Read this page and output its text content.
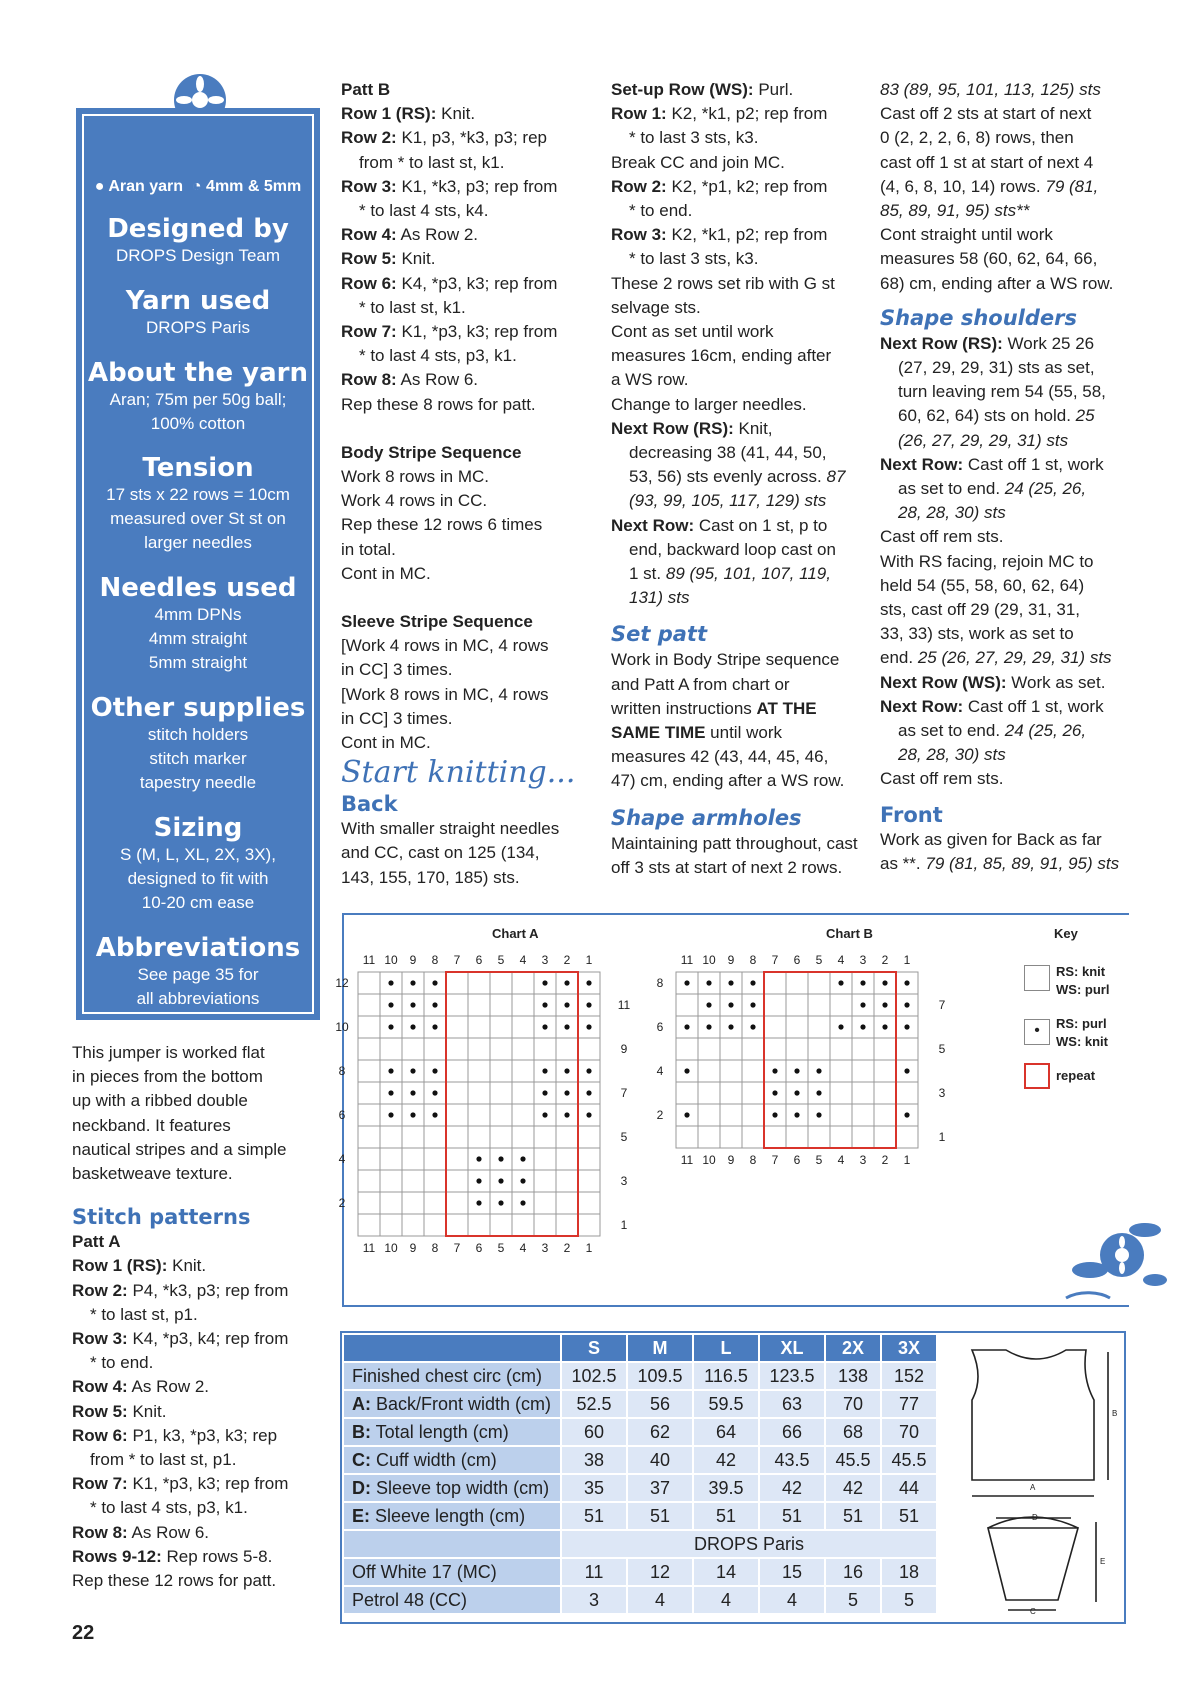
● Aran yarn ◔ 4mm & 5mm
Designed by
DROPS Design Team
Yarn used
DROPS Paris
About the yarn
Aran; 75m per 50g ball;
100% cotton
Tension
17 sts x 22 rows = 10cm
measured over St st on
larger needles
Needles used
4mm DPNs
4mm straight
5mm straight
Other supplies
stitch holders
stitch marker
tapestry needle
Sizing
S (M, L, XL, 2X, 3X),
designed to fit with
10-20 cm ease
Abbreviations
See page 35 for
all abbreviations

This jumper is worked flat

in pieces from the bottom

up with a ribbed double

neckband. It features

nautical stripes and a simple

basketweave texture.

Stitch patterns

Patt A

Row 1 (RS): Knit.

Row 2: P4, *k3, p3; rep from

* to last st, p1.

Row 3: K4, *p3, k4; rep from

* to end.

Row 4: As Row 2.

Row 5: Knit.

Row 6: P1, k3, *p3, k3; rep

from * to last st, p1.

Row 7: K1, *p3, k3; rep from

* to last 4 sts, p3, k1.

Row 8: As Row 6.

Rows 9-12: Rep rows 5-8.

Rep these 12 rows for patt.

Patt B

Row 1 (RS): Knit.

Row 2: K1, p3, *k3, p3; rep

from * to last st, k1.

Row 3: K1, *k3, p3; rep from

* to last 4 sts, k4.

Row 4: As Row 2.

Row 5: Knit.

Row 6: K4, *p3, k3; rep from

* to last st, k1.

Row 7: K1, *p3, k3; rep from

* to last 4 sts, p3, k1.

Row 8: As Row 6.

Rep these 8 rows for patt.

Body Stripe Sequence

Work 8 rows in MC.

Work 4 rows in CC.

Rep these 12 rows 6 times

in total.

Cont in MC.

Sleeve Stripe Sequence

[Work 4 rows in MC, 4 rows

in CC] 3 times.

[Work 8 rows in MC, 4 rows

in CC] 3 times.

Cont in MC.

Start knitting...

Back

With smaller straight needles

and CC, cast on 125 (134,

143, 155, 170, 185) sts.

Set-up Row (WS): Purl.

Row 1: K2, *k1, p2; rep from

* to last 3 sts, k3.

Break CC and join MC.

Row 2: K2, *p1, k2; rep from

* to end.

Row 3: K2, *k1, p2; rep from

* to last 3 sts, k3.

These 2 rows set rib with G st

selvage sts.

Cont as set until work

measures 16cm, ending after

a WS row.

Change to larger needles.

Next Row (RS): Knit,

decreasing 38 (41, 44, 50,

53, 56) sts evenly across. 87

(93, 99, 105, 117, 129) sts

Next Row: Cast on 1 st, p to

end, backward loop cast on

1 st. 89 (95, 101, 107, 119,

131) sts

Set patt

Work in Body Stripe sequence

and Patt A from chart or

written instructions AT THE

SAME TIME until work

measures 42 (43, 44, 45, 46,

47) cm, ending after a WS row.

Shape armholes

Maintaining patt throughout, cast

off 3 sts at start of next 2 rows.

83 (89, 95, 101, 113, 125) sts

Cast off 2 sts at start of next

0 (2, 2, 2, 6, 8) rows, then

cast off 1 st at start of next 4

(4, 6, 8, 10, 14) rows. 79 (81,

85, 89, 91, 95) sts**

Cont straight until work

measures 58 (60, 62, 64, 66,

68) cm, ending after a WS row.

Shape shoulders

Next Row (RS): Work 25 26

(27, 29, 29, 31) sts as set,

turn leaving rem 54 (55, 58,

60, 62, 64) sts on hold. 25

(26, 27, 29, 29, 31) sts

Next Row: Cast off 1 st, work

as set to end. 24 (25, 26,

28, 28, 30) sts

Cast off rem sts.

With RS facing, rejoin MC to

held 54 (55, 58, 60, 62, 64)

sts, cast off 29 (29, 31, 31,

33, 33) sts, work as set to

end. 25 (26, 27, 29, 29, 31) sts

Next Row (WS): Work as set.

Next Row: Cast off 1 st, work

as set to end. 24 (25, 26,

28, 28, 30) sts

Cast off rem sts.

Front

Work as given for Back as far

as **. 79 (81, 85, 89, 91, 95) sts

Chart A	Chart B	Key
11
11
10
10
9
9
8
8
7
7
6
6
5
5
4
4
3
3
2
2
1
1
12
11
10
9
8
7
6
5
4
3
2
1
11
11
10
10
9
9
8
8
7
7
6
6
5
5
4
4
3
3
2
2
1
1
8
7
6
5
4
3
2
1
RS: knit
WS: purl
•	RS: purl
WS: knit
repeat
	S	M	L	XL	2X	3X
Finished chest circ (cm)	102.5	109.5	116.5	123.5	138	152
A: Back/Front width (cm)	52.5	56	59.5	63	70	77
B: Total length (cm)	60	62	64	66	68	70
C: Cuff width (cm)	38	40	42	43.5	45.5	45.5
D: Sleeve top width (cm)	35	37	39.5	42	42	44
E: Sleeve length (cm)	51	51	51	51	51	51
	DROPS Paris					
Off White 17 (MC)	11	12	14	15	16	18
Petrol 48 (CC)	3	4	4	4	5	5
B
A
D
E
C
22
